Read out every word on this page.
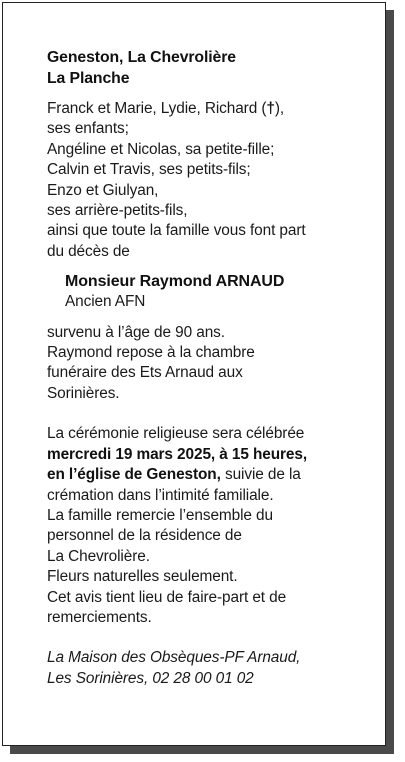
Geneston, La Chevrolière
La Planche
Franck et Marie, Lydie, Richard (†),
ses enfants;
Angéline et Nicolas, sa petite-fille;
Calvin et Travis, ses petits-fils;
Enzo et Giulyan,
ses arrière-petits-fils,
ainsi que toute la famille vous font part
du décès de
Monsieur Raymond ARNAUD
Ancien AFN
survenu à l’âge de 90 ans.
Raymond repose à la chambre
funéraire des Ets Arnaud aux
Sorinières.
La cérémonie religieuse sera célébrée
mercredi 19 mars 2025, à 15 heures,
en l’église de Geneston, suivie de la
crémation dans l’intimité familiale.
La famille remercie l’ensemble du
personnel de la résidence de
La Chevrolière.
Fleurs naturelles seulement.
Cet avis tient lieu de faire-part et de
remerciements.
La Maison des Obsèques-PF Arnaud,
Les Sorinières, 02 28 00 01 02
